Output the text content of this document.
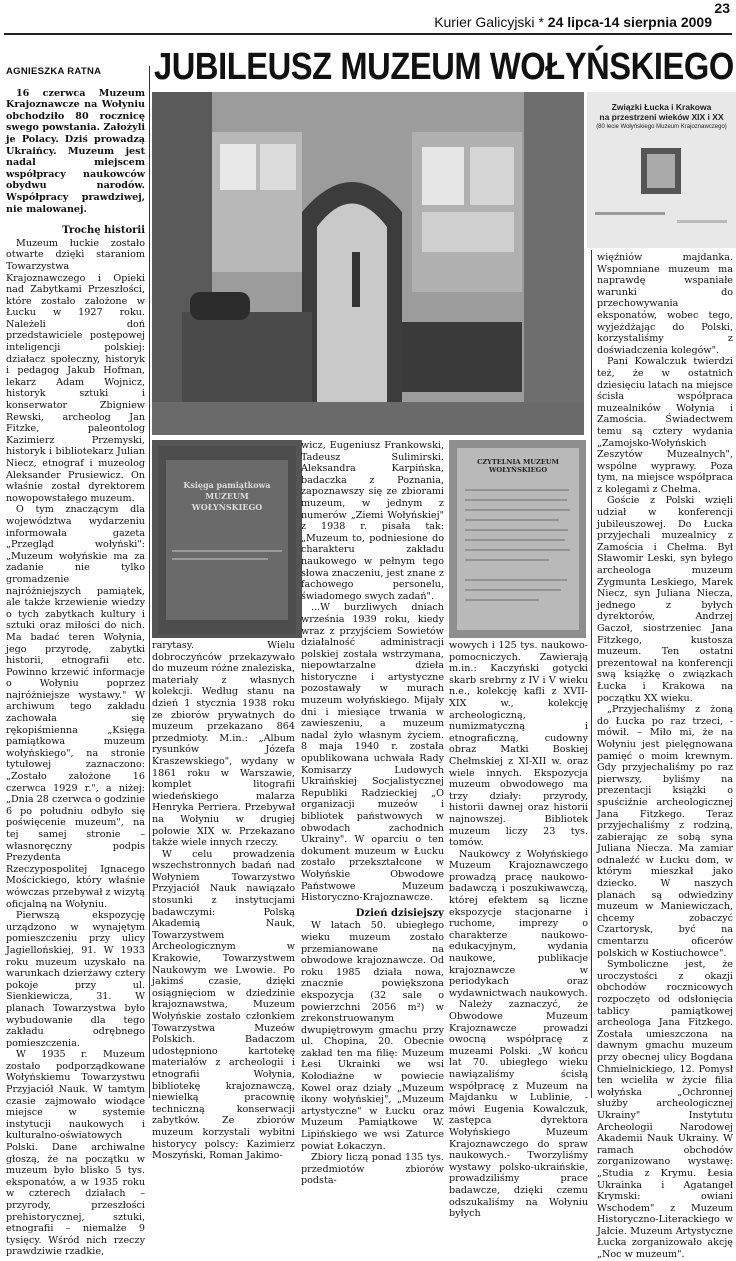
23
Kurier Galicyjski * 24 lipca-14 sierpnia 2009
JUBILEUSZ MUZEUM WOŁYŃSKIEGO
AGNIESZKA RATNA
16 czerwca Muzeum Krajoznawcze na Wołyniu obchodziło 80 rocznicę swego powstania. Założyli je Polacy. Dziś prowadzą Ukraińcy. Muzeum jest nadal miejscem współpracy naukowców obydwu narodów. Współpracy prawdziwej, nie malowanej.
Trochę historii

Muzeum łuckie zostało otwarte dzięki staraniom Towarzystwa Krajoznawczego i Opieki nad Zabytkami Przeszłości, które zostało założone w Łucku w 1927 roku. Należeli doń przedstawiciele postępowej inteligencji polskiej: działacz społeczny, historyk i pedagog Jakub Hofman, lekarz Adam Wojnicz, historyk sztuki i konserwator Zbigniew Rewski, archeolog Jan Fitzke, paleontolog Kazimierz Przemyski, historyk i bibliotekarz Julian Niecz, etnograf i muzeolog Aleksander Prusiewicz. On właśnie został dyrektorem nowopowstałego muzeum.

O tym znaczącym dla województwa wydarzeniu informowała gazeta „Przegląd wołyński": „Muzeum wołyńskie ma za zadanie nie tylko gromadzenie najróżniejszych pamiątek, ale także krzewienie wiedzy o tych zabytkach kultury i sztuki oraz miłości do nich. Ma badać teren Wołynia, jego przyrodę, zabytki historii, etnografii etc. Powinno krzewić informacje o Wołyniu poprzez najróżniejsze wystawy." W archiwum tego zakładu zachowała się rękopiśmienna „Księga pamiątkowa muzeum wołyńskiego", na stronie tytułowej zaznaczono: „Zostało założone 16 czerwca 1929 r.", a niżej: „Dnia 28 czerwca o godzinie 6 po południu odbyło się poświęcenie muzeum", na tej samej stronie – własnoręczny podpis Prezydenta Rzeczypospolitej Ignacego Mościckiego, który właśnie wówczas przebywał z wizytą oficjalną na Wołyniu.

Pierwszą ekspozycję urządzono w wynajętym pomieszczeniu przy ulicy Jagiellońskiej, 91. W 1933 roku muzeum uzyskało na warunkach dzierżawy cztery pokoje przy ul. Sienkiewicza, 31. W planach Towarzystwa było wybudowanie dla tego zakładu odrębnego pomieszczenia.

W 1935 r. Muzeum zostało podporządkowane Wołyńskiemu Towarzystwu Przyjaciół Nauk. W tamtym czasie zajmowało wiodące miejsce w systemie instytucji naukowych i kulturalno-oświatowych Polski. Dane archiwalne głoszą, że na początku w muzeum było blisko 5 tys. eksponatów, a w 1935 roku w czterech działach – przyrody, przeszłości prehistorycznej, sztuki, etnografii – niemalże 9 tysięcy. Wśród nich rzeczy prawdziwie rzadkie,

Związki Łucka i Krakowa
na przestrzeni wieków XIX i XX
(80 lecie Wołyńskiego Muzeum Krajoznawczego)

więźniów majdanka. Wspomniane muzeum ma naprawdę wspaniałe warunki do przechowywania eksponatów, wobec tego, wyjeżdżając do Polski, korzystaliśmy z doświadczenia kolegów".

Pani Kowalczuk twierdzi też, że w ostatnich dziesięciu latach na miejsce ścisła współpraca muzealników Wołynia i Zamościa. Świadectwem temu są cztery wydania „Zamojsko-Wołyńskich Zeszytów Muzealnych", wspólne wyprawy. Poza tym, na miejsce współpraca z kolegami z Chełma.

Goście z Polski wzięli udział w konferencji jubileuszowej. Do Łucka przyjechali muzealnicy z Zamościa i Chełma. Był Sławomir Leski, syn byłego archeologa muzeum Zygmunta Leskiego, Marek Niecz, syn Juliana Niecza, jednego z byłych dyrektorów, Andrzej Gaczoł, siostrzeniec Jana Fitzkego, kustosza muzeum. Ten ostatni prezentował na konferencji swą książkę o związkach Łucka i Krakowa na początku XX wieku.

„Przyjechaliśmy z żoną do Łucka po raz trzeci, - mówił. – Miło mi, że na Wołyniu jest pielęgnowana pamięć o moim krewnym. Gdy przyjechaliśmy po raz pierwszy, byliśmy na prezentacji książki o spuściźnie archeologicznej Jana Fitzkego. Teraz przyjechaliśmy z rodziną, zabierając ze sobą syna Juliana Niecza. Ma zamiar odnaleźć w Łucku dom, w którym mieszkał jako dziecko. W naszych planach są odwiedziny muzeum w Maniewiczach, chcemy zobaczyć Czartorysk, być na cmentarzu oficerów polskich w Kostiuchowce".

Symboliczne jest, że uroczystości z okazji obchodów rocznicowych rozpoczęto od odsłonięcia tablicy pamiątkowej archeologa Jana Fitzkego. Została umieszczona na dawnym gmachu muzeum przy obecnej ulicy Bogdana Chmielnickiego, 12. Pomysł ten wcieliła w życie filia wołyńska „Ochronnej służby archeologicznej Ukrainy" Instytutu Archeologii Narodowej Akademii Nauk Ukrainy. W ramach obchodów zorganizowano wystawę: „Studia z Krymu. Łesia Ukrainka i Agatangeł Krymski: owiani Wschodem" z Muzeum Historyczno-Literackiego w Jałcie. Muzeum Artystyczne Łucka zorganizowało akcję „Noc w muzeum".

Księga pamiątkowa
MUZEUM WOŁYŃSKIEGO

rarytasy. Wielu dobroczyńców przekazywało do muzeum różne znaleziska, materiały z własnych kolekcji. Według stanu na dzień 1 stycznia 1938 roku ze zbiorów prywatnych do muzeum przekazano 864 przedmioty. M.in.: „Album rysunków Józefa Kraszewskiego", wydany w 1861 roku w Warszawie, komplet litografii wiedeńskiego malarza Henryka Perriera. Przebywał na Wołyniu w drugiej połowie XIX w. Przekazano także wiele innych rzeczy.

W celu prowadzenia wszechstronnych badań nad Wołyniem Towarzystwo Przyjaciół Nauk nawiązało stosunki z instytucjami badawczymi: Polską Akademią Nauk, Towarzystwem Archeologicznym w Krakowie, Towarzystwem Naukowym we Lwowie. Po jakimś czasie, dzięki osiągnięciom w dziedzinie krajoznawstwa, Muzeum Wołyńskie zostało członkiem Towarzystwa Muzeów Polskich. Badaczom udostępniono kartotekę materiałów z archeologii i etnografii Wołynia, bibliotekę krajoznawczą, niewielką pracownię techniczną konserwacji zabytków. Ze zbiorów muzeum korzystali wybitni historycy polscy: Kazimierz Moszyński, Roman Jakimo-

CZYTELNIA MUZEUM WOŁYŃSKIEGO

wicz, Eugeniusz Frankowski, Tadeusz Sulimirski. Aleksandra Karpińska, badaczka z Poznania, zapoznawszy się ze zbiorami muzeum, w jednym z numerów „Ziemi Wołyńskiej" z 1938 r. pisała tak: „Muzeum to, podniesione do charakteru zakładu naukowego w pełnym tego słowa znaczeniu, jest znane z fachowego personelu, świadomego swych zadań".

...W burzliwych dniach września 1939 roku, kiedy wraz z przyjściem Sowietów działalność administracji polskiej została wstrzymana, niepowtarzalne dzieła historyczne i artystyczne pozostawały w murach muzeum wołyńskiego. Mijały dni i miesiące trwania w zawieszeniu, a muzeum nadal żyło własnym życiem. 8 maja 1940 r. została opublikowana uchwała Rady Komisarzy Ludowych Ukraińskiej Socjalistycznej Republiki Radzieckiej „O organizacji muzeów i bibliotek państwowych w obwodach zachodnich Ukrainy". W oparciu o ten dokument muzeum w Łucku zostało przekształcone w Wołyńskie Obwodowe Państwowe Muzeum Historyczno-Krajoznawcze.

Dzień dzisiejszy

W latach 50. ubiegłego wieku muzeum zostało przemianowane na obwodowe krajoznawcze. Od roku 1985 działa nowa, znacznie powiększona ekspozycja (32 sale o powierzchni 2056 m²) w zrekonstruowanym dwupiętrowym gmachu przy ul. Chopina, 20. Obecnie zakład ten ma filię: Muzeum Łesi Ukrainki we wsi Kołodiażne w powiecie Kowel oraz działy „Muzeum ikony wołyńskiej", „Muzeum artystyczne" w Łucku oraz Muzeum Pamiątkowe W. Lipińskiego we wsi Zaturce powiat Łokaczyn.

Zbiory liczą ponad 135 tys. przedmiotów zbiorów podsta-

wowych i 125 tys. naukowo-pomocniczych. Zawierają m.in.: Kaczyński gotycki skarb srebrny z IV i V wieku n.e., kolekcję kafli z XVII-XIX w., kolekcję archeologiczną, numizmatyczną i etnograficzną, cudowny obraz Matki Boskiej Chełmskiej z XI-XII w. oraz wiele innych. Ekspozycja muzeum obwodowego ma trzy działy: przyrody, historii dawnej oraz historii najnowszej. Bibliotek muzeum liczy 23 tys. tomów.

Naukowcy z Wołyńskiego Muzeum Krajoznawczego prowadzą pracę naukowo-badawczą i poszukiwawczą, której efektem są liczne ekspozycje stacjonarne i ruchome, imprezy o charakterze naukowo-edukacyjnym, wydania naukowe, publikacje krajoznawcze w periodykach oraz wydawnictwach naukowych.

Należy zaznaczyć, że Obwodowe Muzeum Krajoznawcze prowadzi owocną współpracę z muzeami Polski. „W końcu lat 70. ubiegłego wieku nawiązaliśmy ścisłą współpracę z Muzeum na Majdanku w Lublinie, - mówi Eugenia Kowalczuk, zastępca dyrektora Wołyńskiego Muzeum Krajoznawczego do spraw naukowych.- Tworzyliśmy wystawy polsko-ukraińskie, prowadziliśmy prace badawcze, dzięki czemu odszukaliśmy na Wołyniu byłych
